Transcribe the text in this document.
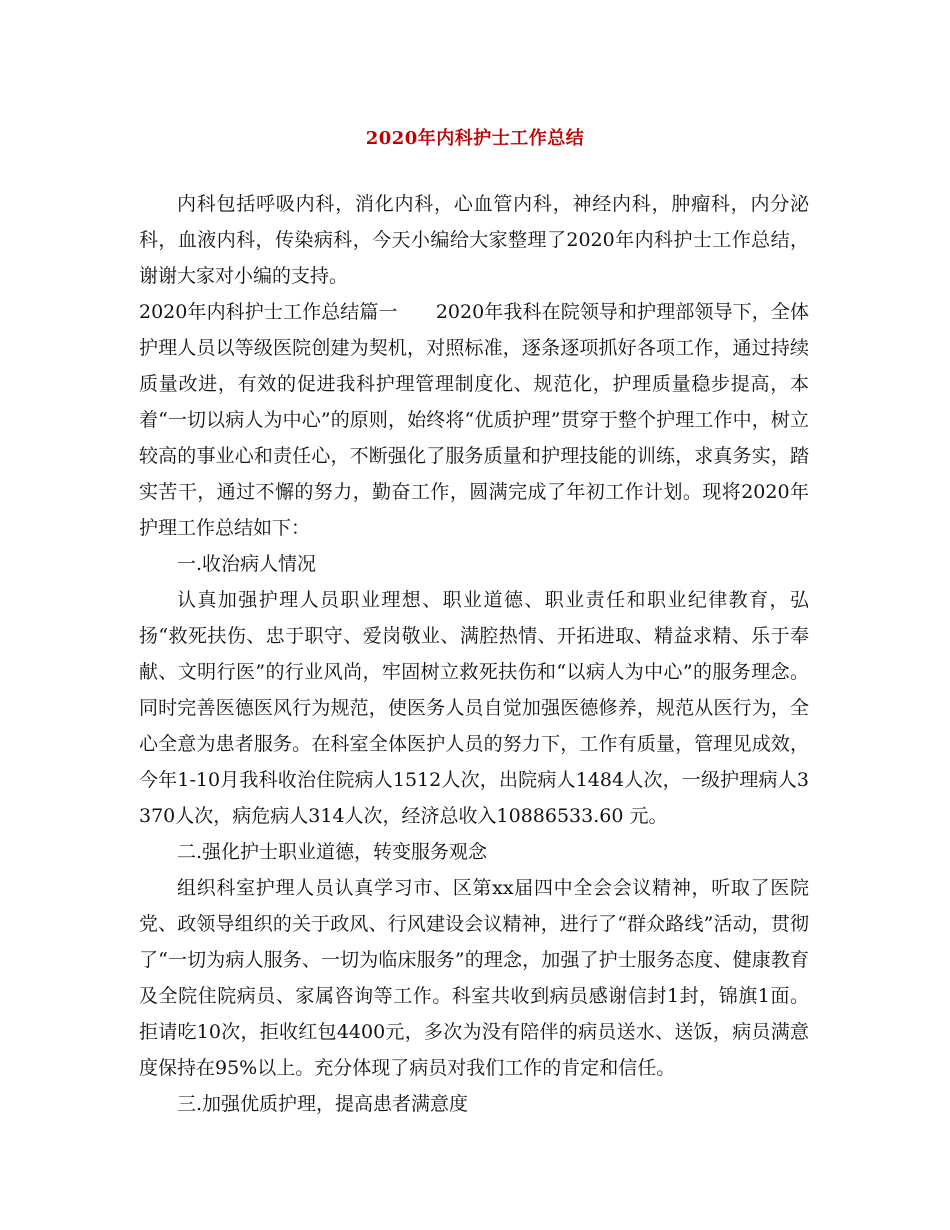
2020年内科护士工作总结

内科包括呼吸内科，消化内科，心血管内科，神经内科，肿瘤科，内分泌科，血液内科，传染病科，今天小编给大家整理了2020年内科护士工作总结，谢谢大家对小编的支持。

2020年内科护士工作总结篇一　　2020年我科在院领导和护理部领导下，全体护理人员以等级医院创建为契机，对照标准，逐条逐项抓好各项工作，通过持续质量改进，有效的促进我科护理管理制度化、规范化，护理质量稳步提高，本着“一切以病人为中心”的原则，始终将“优质护理”贯穿于整个护理工作中，树立较高的事业心和责任心，不断强化了服务质量和护理技能的训练，求真务实，踏实苦干，通过不懈的努力，勤奋工作，圆满完成了年初工作计划。现将2020年护理工作总结如下：

一.收治病人情况

认真加强护理人员职业理想、职业道德、职业责任和职业纪律教育，弘扬“救死扶伤、忠于职守、爱岗敬业、满腔热情、开拓进取、精益求精、乐于奉献、文明行医”的行业风尚，牢固树立救死扶伤和“以病人为中心”的服务理念。同时完善医德医风行为规范，使医务人员自觉加强医德修养，规范从医行为，全心全意为患者服务。在科室全体医护人员的努力下，工作有质量，管理见成效，今年1-10月我科收治住院病人1512人次，出院病人1484人次，一级护理病人3370人次，病危病人314人次，经济总收入10886533.60 元。

二.强化护士职业道德，转变服务观念

组织科室护理人员认真学习市、区第xx届四中全会会议精神，听取了医院党、政领导组织的关于政风、行风建设会议精神，进行了“群众路线”活动，贯彻了“一切为病人服务、一切为临床服务”的理念，加强了护士服务态度、健康教育及全院住院病员、家属咨询等工作。科室共收到病员感谢信封1封，锦旗1面。拒请吃10次，拒收红包4400元，多次为没有陪伴的病员送水、送饭，病员满意度保持在95%以上。充分体现了病员对我们工作的肯定和信任。

三.加强优质护理，提高患者满意度
